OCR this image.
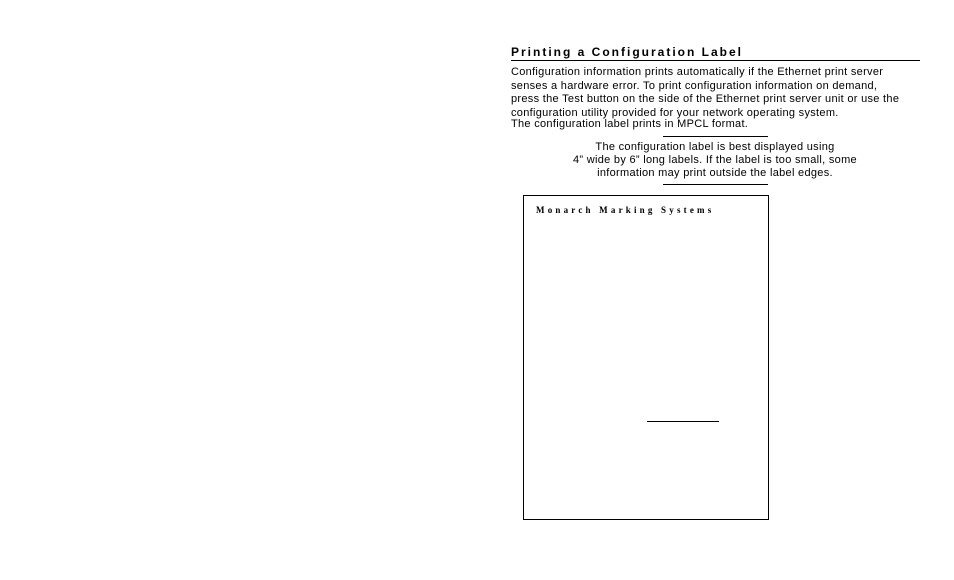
Printing a Configuration Label

Configuration information prints automatically if the Ethernet print server
senses a hardware error. To print configuration information on demand,
press the Test button on the side of the Ethernet print server unit or use the
configuration utility provided for your network operating system.

The configuration label prints in MPCL format.

The configuration label is best displayed using
4” wide by 6” long labels. If the label is too small, some
information may print outside the label edges.

Monarch Marking Systems
